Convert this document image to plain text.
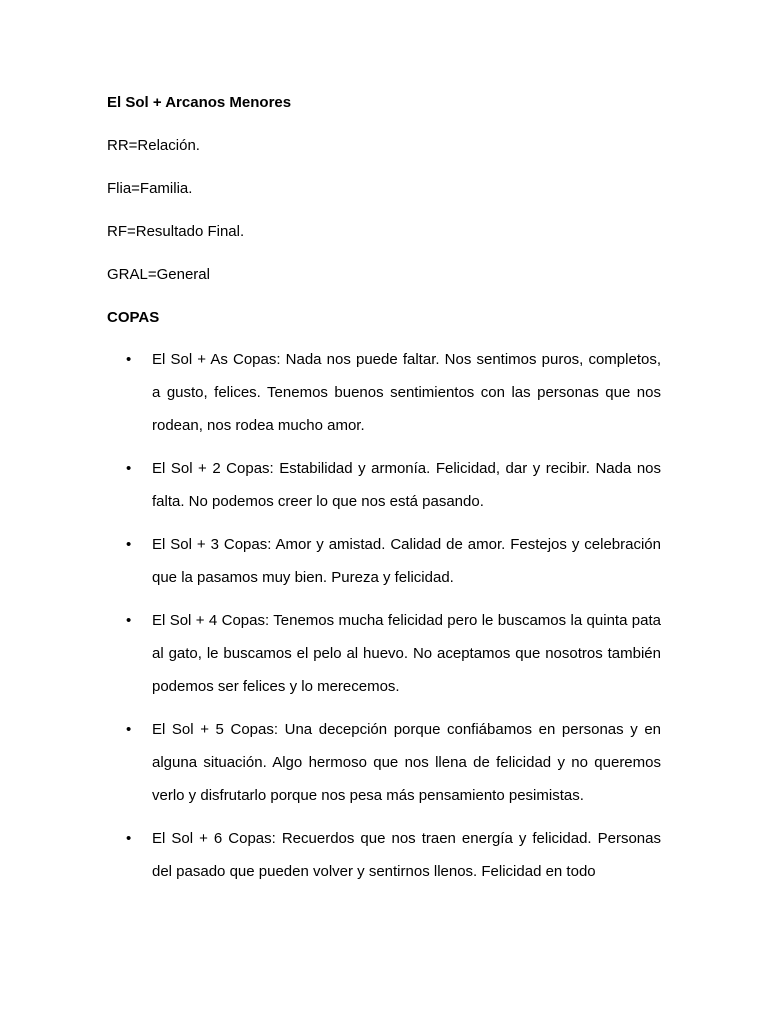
El Sol + Arcanos Menores

RR=Relación.

Flia=Familia.

RF=Resultado Final.

GRAL=General

COPAS

• El Sol + As Copas: Nada nos puede faltar. Nos sentimos puros, completos, a gusto, felices. Tenemos buenos sentimientos con las personas que nos rodean, nos rodea mucho amor.
• El Sol + 2 Copas: Estabilidad y armonía. Felicidad, dar y recibir. Nada nos falta. No podemos creer lo que nos está pasando.
• El Sol + 3 Copas: Amor y amistad. Calidad de amor. Festejos y celebración que la pasamos muy bien. Pureza y felicidad.
• El Sol + 4 Copas: Tenemos mucha felicidad pero le buscamos la quinta pata al gato, le buscamos el pelo al huevo. No aceptamos que nosotros también podemos ser felices y lo merecemos.
• El Sol + 5 Copas: Una decepción porque confiábamos en personas y en alguna situación. Algo hermoso que nos llena de felicidad y no queremos verlo y disfrutarlo porque nos pesa más pensamiento pesimistas.
• El Sol + 6 Copas: Recuerdos que nos traen energía y felicidad. Personas del pasado que pueden volver y sentirnos llenos. Felicidad en todo
